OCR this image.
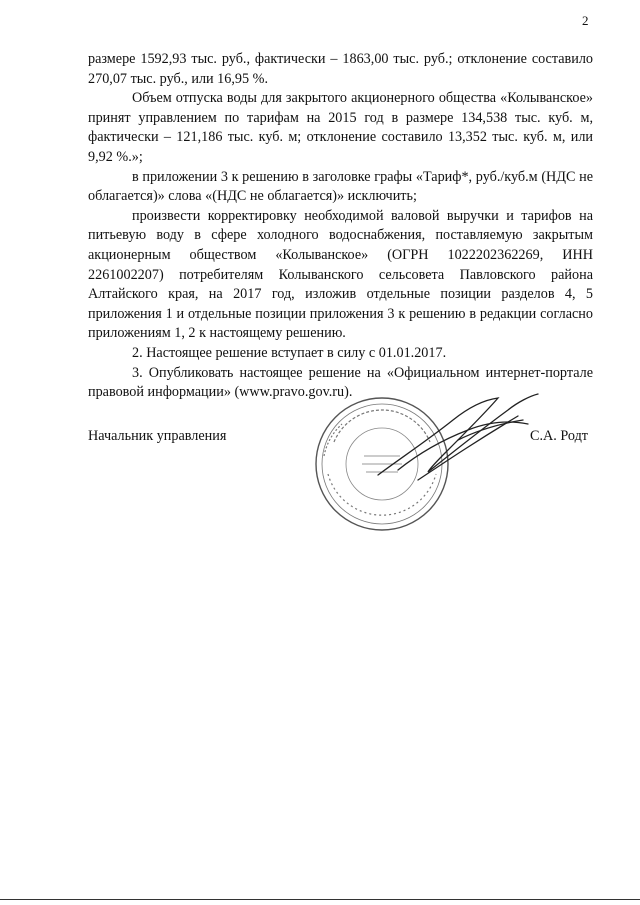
2

размере 1592,93 тыс. руб., фактически – 1863,00 тыс. руб.; отклонение составило 270,07 тыс. руб., или 16,95 %.

Объем отпуска воды для закрытого акционерного общества «Колыванское» принят управлением по тарифам на 2015 год в размере 134,538 тыс. куб. м, фактически – 121,186 тыс. куб. м; отклонение составило 13,352 тыс. куб. м, или 9,92 %.»;

в приложении 3 к решению в заголовке графы «Тариф*, руб./куб.м (НДС не облагается)» слова «(НДС не облагается)» исключить;

произвести корректировку необходимой валовой выручки и тарифов на питьевую воду в сфере холодного водоснабжения, поставляемую закрытым акционерным обществом «Колыванское» (ОГРН 1022202362269, ИНН 2261002207) потребителям Колыванского сельсовета Павловского района Алтайского края, на 2017 год, изложив отдельные позиции разделов 4, 5 приложения 1 и отдельные позиции приложения 3 к решению в редакции согласно приложениям 1, 2 к настоящему решению.

2. Настоящее решение вступает в силу с 01.01.2017.

3. Опубликовать настоящее решение на «Официальном интернет-портале правовой информации» (www.pravo.gov.ru).

Начальник управления	С.А. Родт
